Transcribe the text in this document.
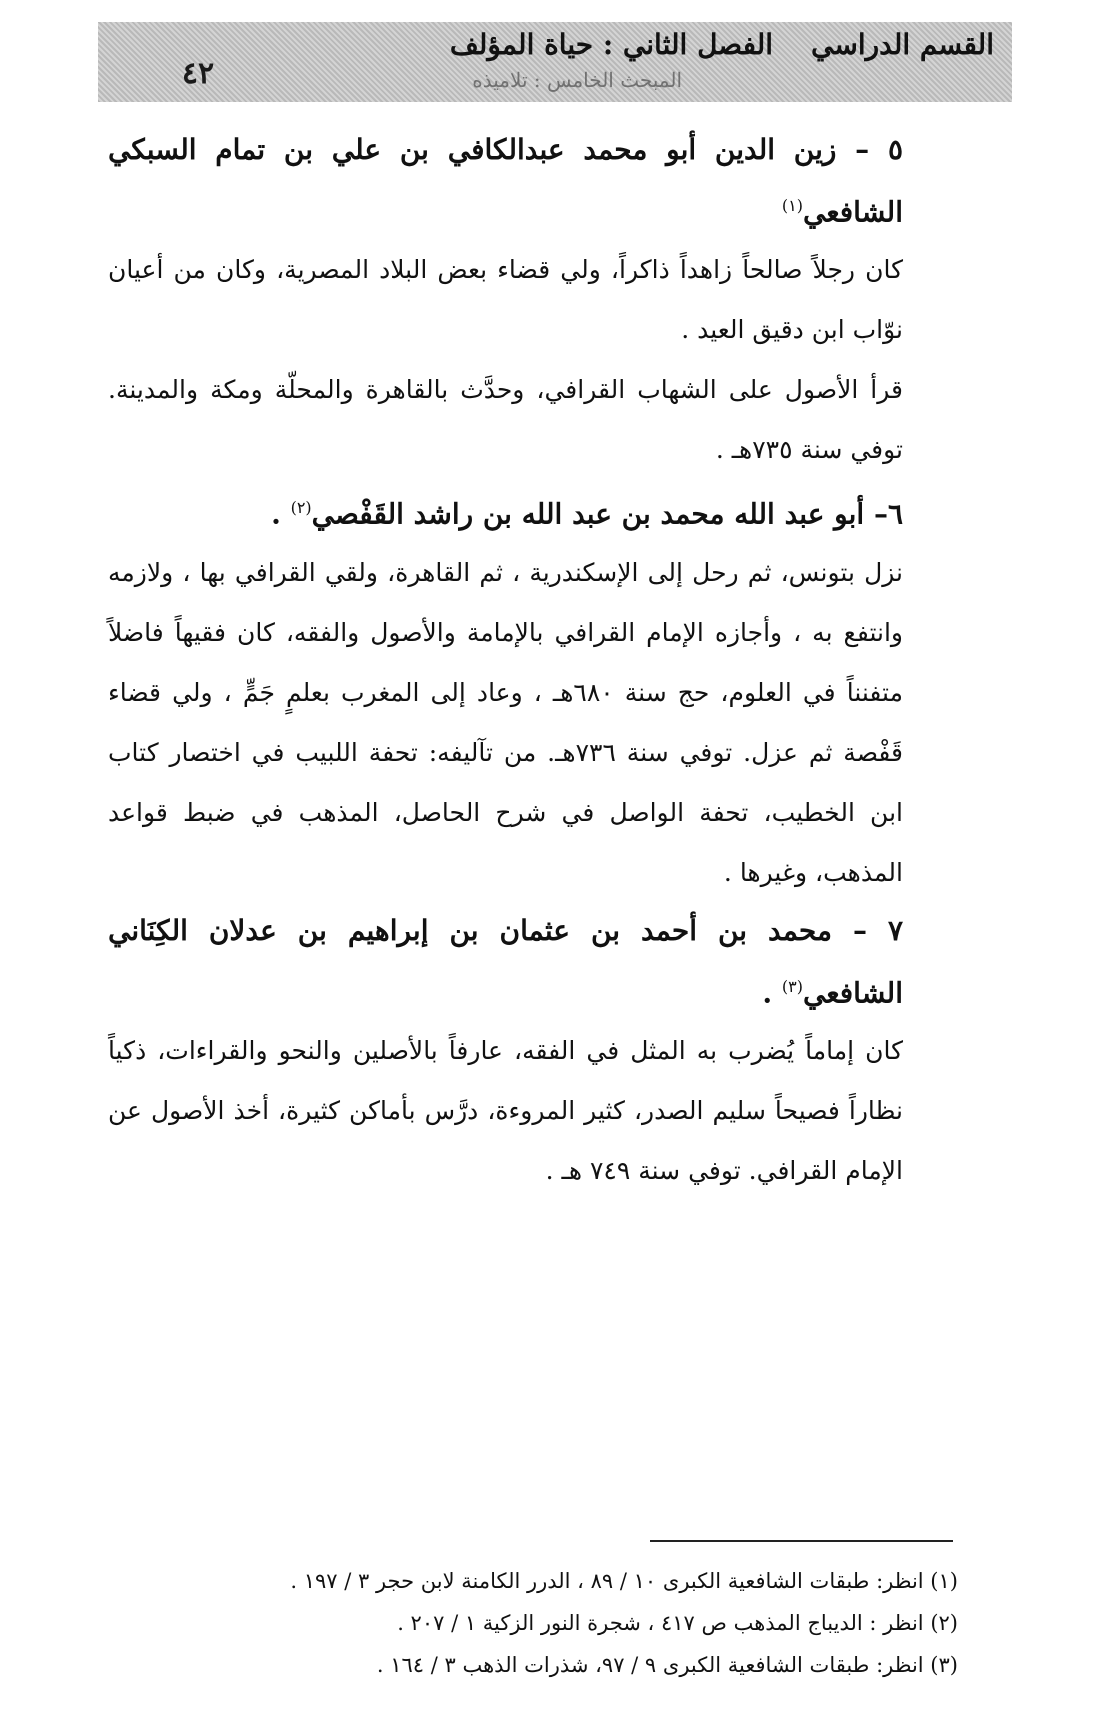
٤٢
القسم الدراسيالفصل الثاني : حياة المؤلف
المبحث الخامس : تلاميذه

٥ – زين الدين أبو محمد عبدالكافي بن علي بن تمام السبكي الشافعي$^{(١)}$

كان رجلاً صالحاً زاهداً ذاكراً، ولي قضاء بعض البلاد المصرية، وكان من أعيان نوّاب ابن دقيق العيد .

قرأ الأصول على الشهاب القرافي، وحدَّث بالقاهرة والمحلّة ومكة والمدينة. توفي سنة ٧٣٥هـ .

٦– أبو عبد الله محمد بن عبد الله بن راشد القَفْصي$^{(٢)}$ .

نزل بتونس، ثم رحل إلى الإسكندرية ، ثم القاهرة، ولقي القرافي بها ، ولازمه وانتفع به ، وأجازه الإمام القرافي بالإمامة والأصول والفقه، كان فقيهاً فاضلاً متفنناً في العلوم، حج سنة ٦٨٠هـ ، وعاد إلى المغرب بعلمٍ جَمٍّ ، ولي قضاء قَفْصة ثم عزل. توفي سنة ٧٣٦هـ. من تآليفه: تحفة اللبيب في اختصار كتاب ابن الخطيب، تحفة الواصل في شرح الحاصل، المذهب في ضبط قواعد المذهب، وغيرها .

٧ – محمد بن أحمد بن عثمان بن إبراهيم بن عدلان الكِنَاني الشافعي$^{(٣)}$ .

كان إماماً يُضرب به المثل في الفقه، عارفاً بالأصلين والنحو والقراءات، ذكياً نظاراً فصيحاً سليم الصدر، كثير المروءة، درَّس بأماكن كثيرة، أخذ الأصول عن الإمام القرافي. توفي سنة ٧٤٩ هـ .

(١) انظر: طبقات الشافعية الكبرى ١٠ / ٨٩ ، الدرر الكامنة لابن حجر ٣ / ١٩٧ .

(٢) انظر : الديباج المذهب ص ٤١٧ ، شجرة النور الزكية ١ / ٢٠٧ .

(٣) انظر: طبقات الشافعية الكبرى ٩ / ٩٧، شذرات الذهب ٣ / ١٦٤ .
